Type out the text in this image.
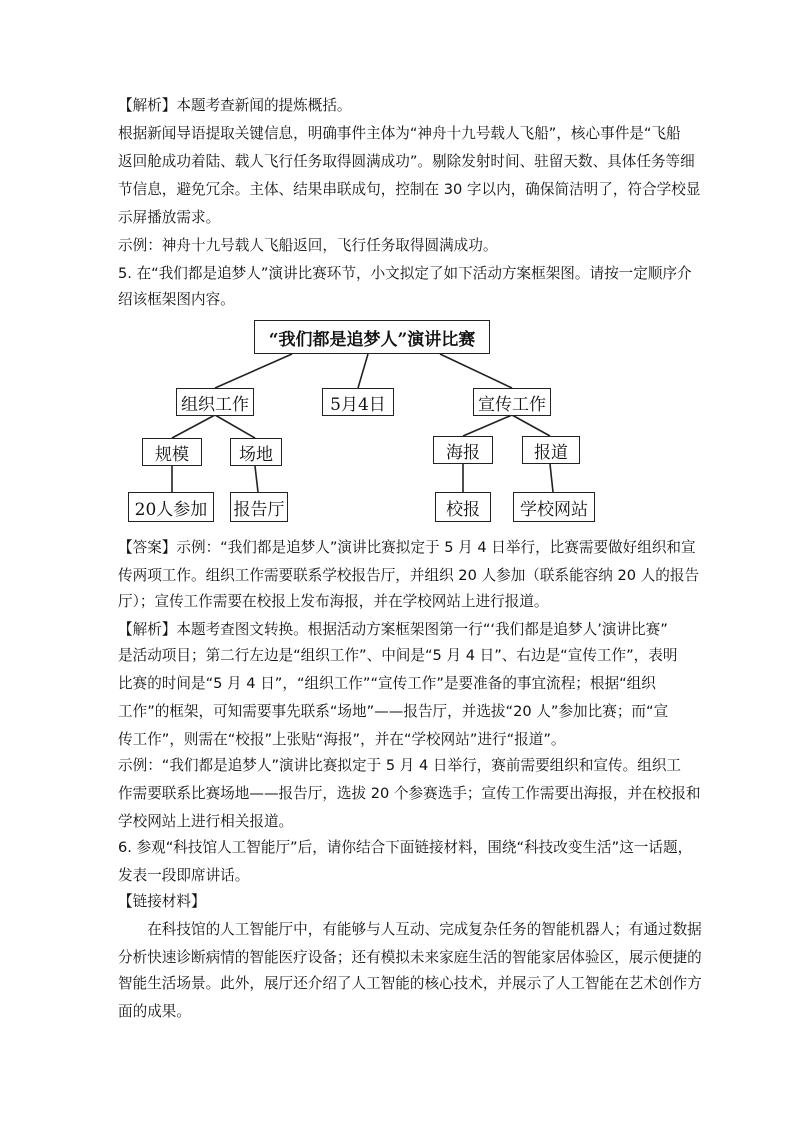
【解析】本题考查新闻的提炼概括。
根据新闻导语提取关键信息，明确事件主体为“神舟十九号载人飞船”，核心事件是“飞船
返回舱成功着陆、载人飞行任务取得圆满成功”。剔除发射时间、驻留天数、具体任务等细
节信息，避免冗余。主体、结果串联成句，控制在 30 字以内，确保简洁明了，符合学校显
示屏播放需求。
示例：神舟十九号载人飞船返回，飞行任务取得圆满成功。
5. 在“我们都是追梦人”演讲比赛环节，小文拟定了如下活动方案框架图。请按一定顺序介
绍该框架图内容。
“我们都是追梦人”演讲比赛
组织工作	5月4日	宣传工作
规模	场地	海报	报道
20人参加	报告厅	校报	学校网站
【答案】示例：“我们都是追梦人”演讲比赛拟定于 5 月 4 日举行，比赛需要做好组织和宣
传两项工作。组织工作需要联系学校报告厅，并组织 20 人参加（联系能容纳 20 人的报告
厅）；宣传工作需要在校报上发布海报，并在学校网站上进行报道。
【解析】本题考查图文转换。根据活动方案框架图第一行“‘我们都是追梦人’演讲比赛”
是活动项目；第二行左边是“组织工作”、中间是“5 月 4 日”、右边是“宣传工作”，表明
比赛的时间是“5 月 4 日”，“组织工作”“宣传工作”是要准备的事宜流程；根据“组织
工作”的框架，可知需要事先联系“场地”——报告厅，并选拔“20 人”参加比赛；而“宣
传工作”，则需在“校报”上张贴“海报”，并在“学校网站”进行“报道”。
示例：“我们都是追梦人”演讲比赛拟定于 5 月 4 日举行，赛前需要组织和宣传。组织工
作需要联系比赛场地——报告厅，选拔 20 个参赛选手；宣传工作需要出海报，并在校报和
学校网站上进行相关报道。
6. 参观“科技馆人工智能厅”后，请你结合下面链接材料，围绕“科技改变生活”这一话题，
发表一段即席讲话。
【链接材料】
　　在科技馆的人工智能厅中，有能够与人互动、完成复杂任务的智能机器人；有通过数据
分析快速诊断病情的智能医疗设备；还有模拟未来家庭生活的智能家居体验区，展示便捷的
智能生活场景。此外，展厅还介绍了人工智能的核心技术，并展示了人工智能在艺术创作方
面的成果。
